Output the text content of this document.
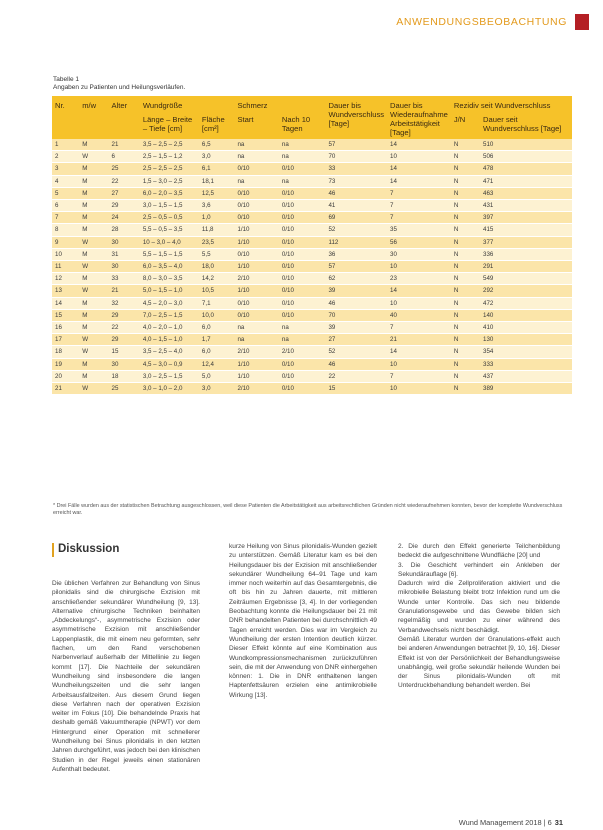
ANWENDUNGSBEOBACHTUNG
Tabelle 1
Angaben zu Patienten und Heilungsverläufen.
Nr.	m/w	Alter	Wundgröße		Schmerz		Dauer bis Wundverschluss [Tage]	Dauer bis Wiederaufnahme Arbeitstätigkeit [Tage]	Rezidiv seit Wundverschluss	
			Länge – Breite – Tiefe [cm]	Fläche [cm²]	Start	Nach 10 Tagen			J/N	Dauer seit Wundverschluss [Tage]
1	M	21	3,5 – 2,5 – 2,5	6,5	na	na	57	14	N	510
2	W	6	2,5 – 1,5 – 1,2	3,0	na	na	70	10	N	506
3	M	25	2,5 – 2,5 – 2,5	6,1	0/10	0/10	33	14	N	478
4	M	22	1,5 – 3,0 – 2,5	18,1	na	na	73	14	N	471
5	M	27	6,0 – 2,0 – 3,5	12,5	0/10	0/10	46	7	N	463
6	M	29	3,0 – 1,5 – 1,5	3,6	0/10	0/10	41	7	N	431
7	M	24	2,5 – 0,5 – 0,5	1,0	0/10	0/10	69	7	N	397
8	M	28	5,5 – 0,5 – 3,5	11,8	1/10	0/10	52	35	N	415
9	W	30	10 – 3,0 – 4,0	23,5	1/10	0/10	112	56	N	377
10	M	31	5,5 – 1,5 – 1,5	5,5	0/10	0/10	36	30	N	336
11	W	30	6,0 – 3,5 – 4,0	18,0	1/10	0/10	57	10	N	291
12	M	33	8,0 – 3,0 – 3,5	14,2	2/10	0/10	62	23	N	549
13	W	21	5,0 – 1,5 – 1,0	10,5	1/10	0/10	39	14	N	292
14	M	32	4,5 – 2,0 – 3,0	7,1	0/10	0/10	46	10	N	472
15	M	29	7,0 – 2,5 – 1,5	10,0	0/10	0/10	70	40	N	140
16	M	22	4,0 – 2,0 – 1,0	6,0	na	na	39	7	N	410
17	W	29	4,0 – 1,5 – 1,0	1,7	na	na	27	21	N	130
18	W	15	3,5 – 2,5 – 4,0	6,0	2/10	2/10	52	14	N	354
19	M	30	4,5 – 3,0 – 0,9	12,4	1/10	0/10	46	10	N	333
20	M	18	3,0 – 2,5 – 1,5	5,0	1/10	0/10	22	7	N	437
21	W	25	3,0 – 1,0 – 2,0	3,0	2/10	0/10	15	10	N	389
* Drei Fälle wurden aus der statistischen Betrachtung ausgeschlossen, weil diese Patienten die Arbeitstätigkeit aus arbeitsrechtlichen Gründen nicht wiederaufnehmen konnten, bevor der komplette Wundverschluss erreicht war.
Diskussion

Die üblichen Verfahren zur Behandlung von Sinus pilonidalis sind die chirurgische Exzision mit anschließender sekundärer Wundheilung [9, 13]. Alternative chirurgische Techniken beinhalten „Abdeckelungs“-, asymmetrische Exzision oder asymmetrische Exzision mit anschließender Lappenplastik, die mit einem neu geformten, sehr flachen, um den Rand verschobenen Narbenverlauf außerhalb der Mittellinie zu liegen kommt [17]. Die Nachteile der sekundären Wundheilung sind insbesondere die langen Wundheilungszeiten und die sehr langen Arbeitsausfallzeiten. Aus diesem Grund liegen diese Verfahren nach der operativen Exzision weiter im Fokus [10]. Die behandelnde Praxis hat deshalb gemäß Vakuumtherapie (NPWT) vor dem Hintergrund einer Operation mit schnellerer Wundheilung bei Sinus pilonidalis in den letzten Jahren durchgeführt, was jedoch bei den klinischen Studien in der Regel jeweils einen stationären Aufenthalt bedeutet.

kurze Heilung von Sinus pilonidalis-Wunden gezielt zu unterstützen. Gemäß Literatur kam es bei den Heilungsdauer bis der Exzision mit anschließender sekundärer Wundheilung 64–91 Tage und kam immer noch weiterhin auf das Gesamtergebnis, die oft bis hin zu Jahren dauerte, mit mittleren Zeiträumen Ergebnisse [3, 4]. In der vorliegenden Beobachtung konnte die Heilungsdauer bei 21 mit DNR behandelten Patienten bei durchschnittlich 49 Tagen erreicht werden. Dies war im Vergleich zu Wundheilung der ersten Intention deutlich kürzer. Dieser Effekt könnte auf eine Kombination aus Wundkompressionsmechanismen zurückzuführen sein, die mit der Anwendung von DNR einhergehen können: 1. Die in DNR enthaltenen langen Haptenfettsäuren erzielen eine antimikrobielle Wirkung [13].

2. Die durch den Effekt generierte Teilchenbildung bedeckt die aufgeschnittene Wundfläche [20] und
3. Die Geschicht verhindert ein Ankleben der Sekundärauflage [6].
Dadurch wird die Zellproliferation aktiviert und die mikrobielle Belastung bleibt trotz Infektion rund um die Wunde unter Kontrolle. Das sich neu bildende Granulationsgewebe und das Gewebe bilden sich regelmäßig und wurden zu einer während des Verbandwechsels nicht beschädigt.
Gemäß Literatur wurden der Granulations-effekt auch bei anderen Anwendungen betrachtet [9, 10, 16]. Dieser Effekt ist von der Persönlichkeit der Behandlungsweise unabhängig, weil große sekundär heilende Wunden bei der Sinus pilonidalis-Wunden oft mit Unterdruckbehandlung behandelt werden. Bei
Wund Management 2018 | 6 31
